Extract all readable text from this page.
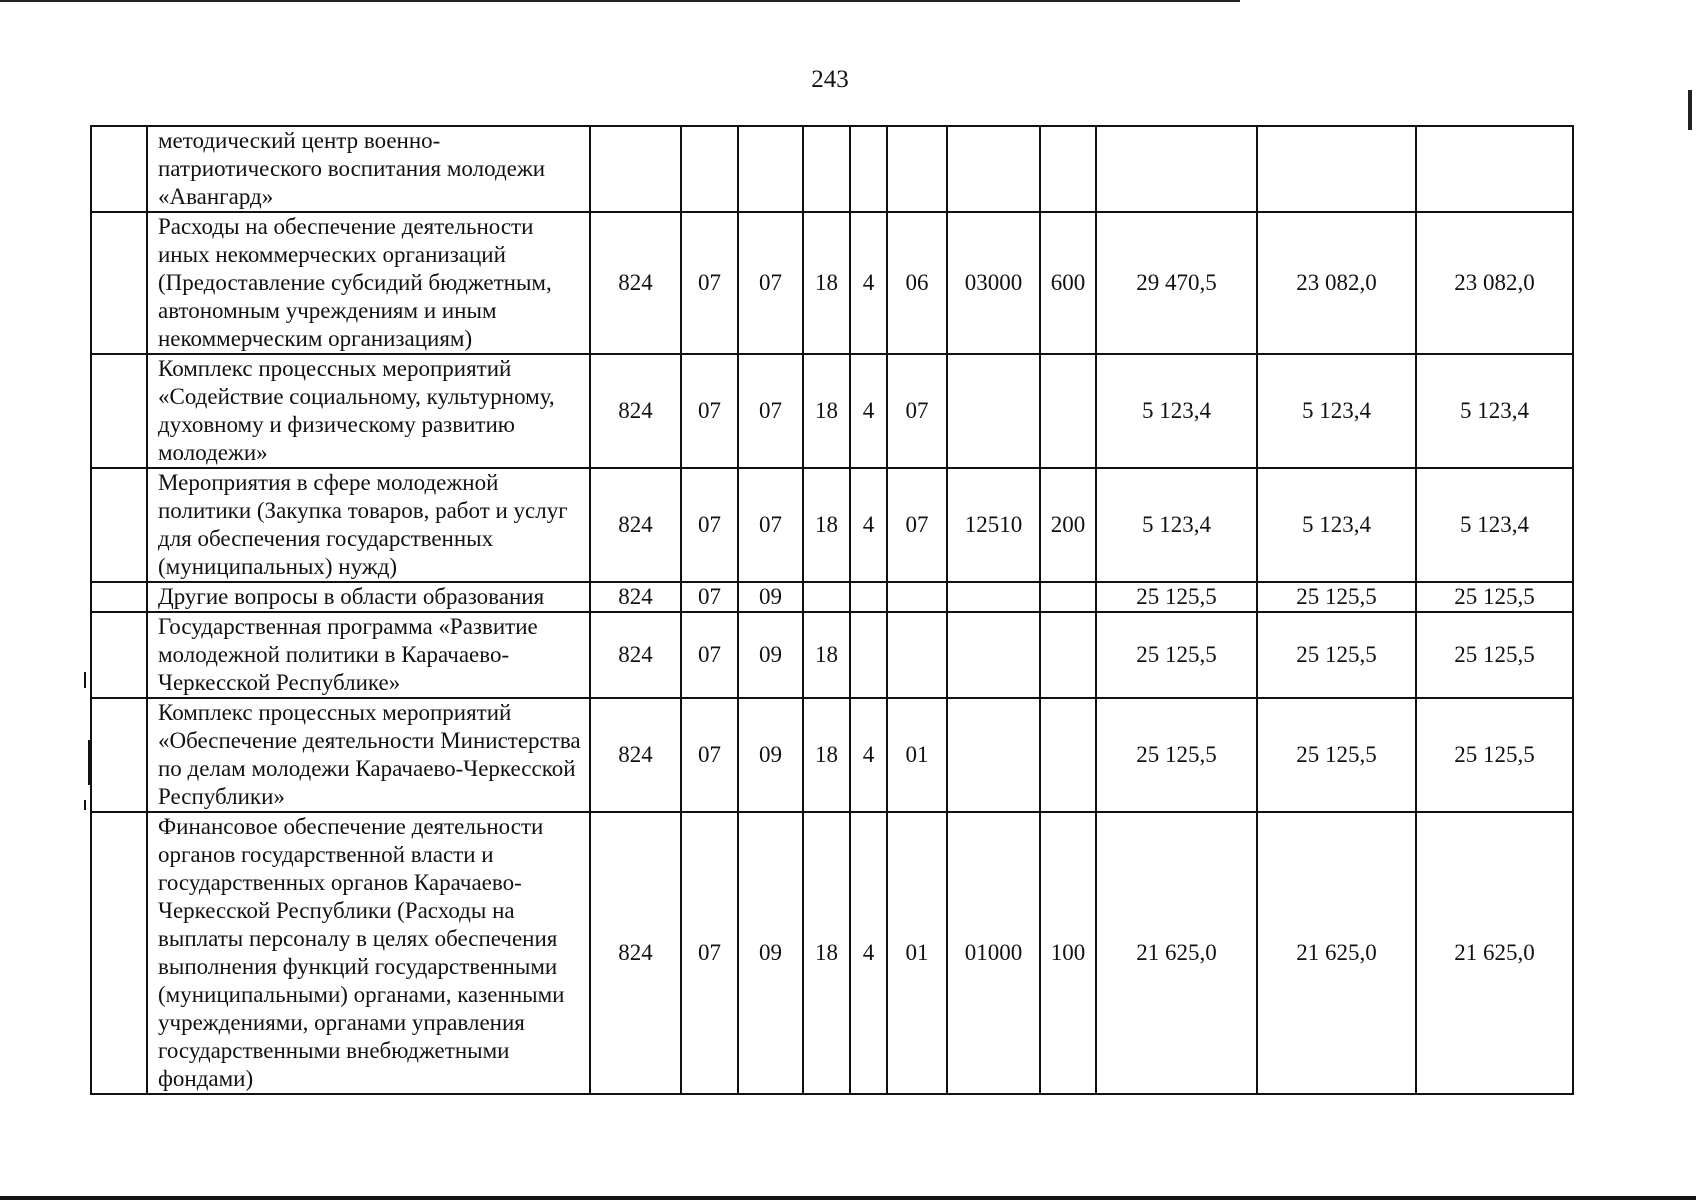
243
	методический центр военно-патриотического воспитания молодежи «Авангард»											
	Расходы на обеспечение деятельности иных некоммерческих организаций (Предоставление субсидий бюджетным, автономным учреждениям и иным некоммерческим организациям)	824	07	07	18	4	06	03000	600	29 470,5	23 082,0	23 082,0
	Комплекс процессных мероприятий «Содействие социальному, культурному, духовному и физическому развитию молодежи»	824	07	07	18	4	07			5 123,4	5 123,4	5 123,4
	Мероприятия в сфере молодежной политики (Закупка товаров, работ и услуг для обеспечения государственных (муниципальных) нужд)	824	07	07	18	4	07	12510	200	5 123,4	5 123,4	5 123,4
	Другие вопросы в области образования	824	07	09						25 125,5	25 125,5	25 125,5
	Государственная программа «Развитие молодежной политики в Карачаево-Черкесской Республике»	824	07	09	18					25 125,5	25 125,5	25 125,5
	Комплекс процессных мероприятий «Обеспечение деятельности Министерства по делам молодежи Карачаево-Черкесской Республики»	824	07	09	18	4	01			25 125,5	25 125,5	25 125,5
	Финансовое обеспечение деятельности органов государственной власти и государственных органов Карачаево-Черкесской Республики (Расходы на выплаты персоналу в целях обеспечения выполнения функций государственными (муниципальными) органами, казенными учреждениями, органами управления государственными внебюджетными фондами)	824	07	09	18	4	01	01000	100	21 625,0	21 625,0	21 625,0
